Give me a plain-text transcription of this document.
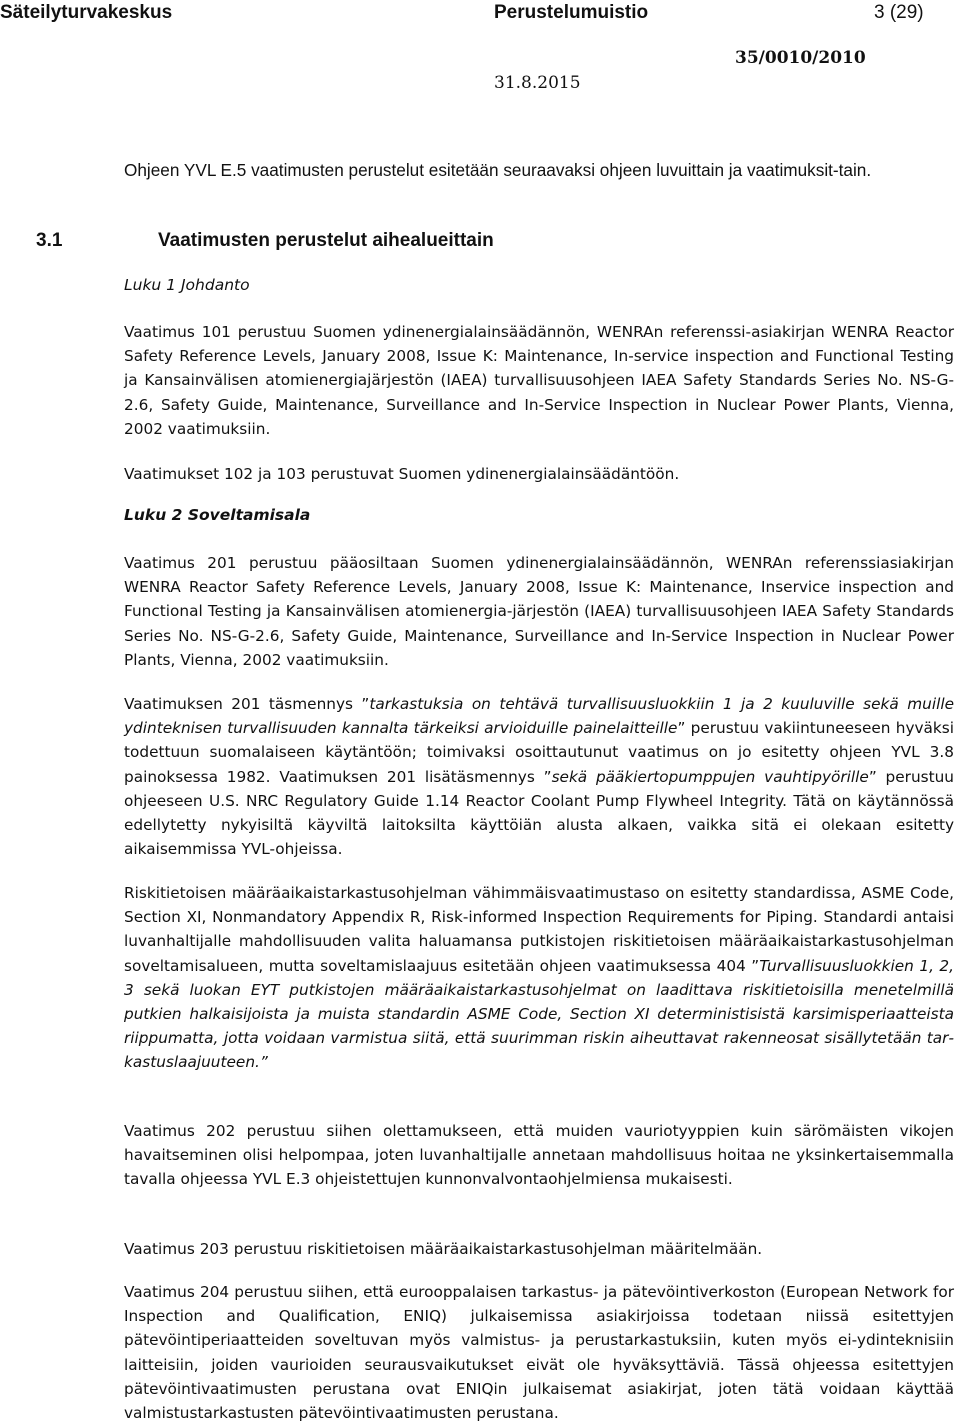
Säteilyturvakeskus	Perustelumuistio	3 (29)
35/0010/2010
31.8.2015
Ohjeen YVL E.5 vaatimusten perustelut esitetään seuraavaksi ohjeen luvuittain ja vaatimuksit-tain.
3.1	Vaatimusten perustelut aihealueittain
Luku 1 Johdanto

Vaatimus 101 perustuu Suomen ydinenergialainsäädännön, WENRAn referenssi-asiakirjan WENRA Reactor Safety Reference Levels, January 2008, Issue K: Maintenance, In-service inspection and Functional Testing ja Kansainvälisen atomienergiajärjestön (IAEA) turvallisuusohjeen IAEA Safety Standards Series No. NS-G-2.6, Safety Guide, Maintenance, Surveillance and In-Service Inspection in Nuclear Power Plants, Vienna, 2002 vaatimuksiin.

Vaatimukset 102 ja 103 perustuvat Suomen ydinenergialainsäädäntöön.

Luku 2 Soveltamisala

Vaatimus 201 perustuu pääosiltaan Suomen ydinenergialainsäädännön, WENRAn referenssiasiakirjan WENRA Reactor Safety Reference Levels, January 2008, Issue K: Maintenance, Inservice inspection and Functional Testing ja Kansainvälisen atomienergia-järjestön (IAEA) turvallisuusohjeen IAEA Safety Standards Series No. NS-G-2.6, Safety Guide, Maintenance, Surveillance and In-Service Inspection in Nuclear Power Plants, Vienna, 2002 vaatimuksiin.

Vaatimuksen 201 täsmennys ”tarkastuksia on tehtävä turvallisuusluokkiin 1 ja 2 kuuluville sekä muille ydinteknisen turvallisuuden kannalta tärkeiksi arvioiduille painelaitteille” perustuu vakiintuneeseen hyväksi todettuun suomalaiseen käytäntöön; toimivaksi osoittautunut vaatimus on jo esitetty ohjeen YVL 3.8 painoksessa 1982. Vaatimuksen 201 lisätäsmennys ”sekä pääkiertopumppujen vauhtipyörille” perustuu ohjeeseen U.S. NRC Regulatory Guide 1.14 Reactor Coolant Pump Flywheel Integrity. Tätä on käytännössä edellytetty nykyisiltä käyviltä laitoksilta käyttöiän alusta alkaen, vaikka sitä ei olekaan esitetty aikaisemmissa YVL-ohjeissa.

Riskitietoisen määräaikaistarkastusohjelman vähimmäisvaatimustaso on esitetty standardissa, ASME Code, Section XI, Nonmandatory Appendix R, Risk-informed Inspection Requirements for Piping. Standardi antaisi luvanhaltijalle mahdollisuuden valita haluamansa putkistojen riskitietoisen määräaikaistarkastusohjelman soveltamisalueen, mutta soveltamislaajuus esitetään ohjeen vaatimuksessa 404 ”Turvallisuusluokkien 1, 2, 3 sekä luokan EYT putkistojen määräaikaistarkastusohjelmat on laadittava riskitietoisilla menetelmillä putkien halkaisijoista ja muista standardin ASME Code, Section XI deterministisistä karsimisperiaatteista riippumatta, jotta voidaan varmistua siitä, että suurimman riskin aiheuttavat rakenneosat sisällytetään tarkastuslaajuuteen.”

Vaatimus 202 perustuu siihen olettamukseen, että muiden vauriotyyppien kuin särömäisten vikojen havaitseminen olisi helpompaa, joten luvanhaltijalle annetaan mahdollisuus hoitaa ne yksinkertaisemmalla tavalla ohjeessa YVL E.3 ohjeistettujen kunnonvalvontaohjelmiensa mukaisesti.

Vaatimus 203 perustuu riskitietoisen määräaikaistarkastusohjelman määritelmään.

Vaatimus 204 perustuu siihen, että eurooppalaisen tarkastus- ja pätevöintiverkoston (European Network for Inspection and Qualification, ENIQ) julkaisemissa asiakirjoissa todetaan niissä esitettyjen pätevöintiperiaatteiden soveltuvan myös valmistus- ja perustarkastuksiin, kuten myös ei-ydinteknisiin laitteisiin, joiden vaurioiden seurausvaikutukset eivät ole hyväksyttäviä. Tässä ohjeessa esitettyjen pätevöintivaatimusten perustana ovat ENIQin julkaisemat asiakirjat, joten tätä voidaan käyttää valmistustarkastusten pätevöintivaatimusten perustana.
